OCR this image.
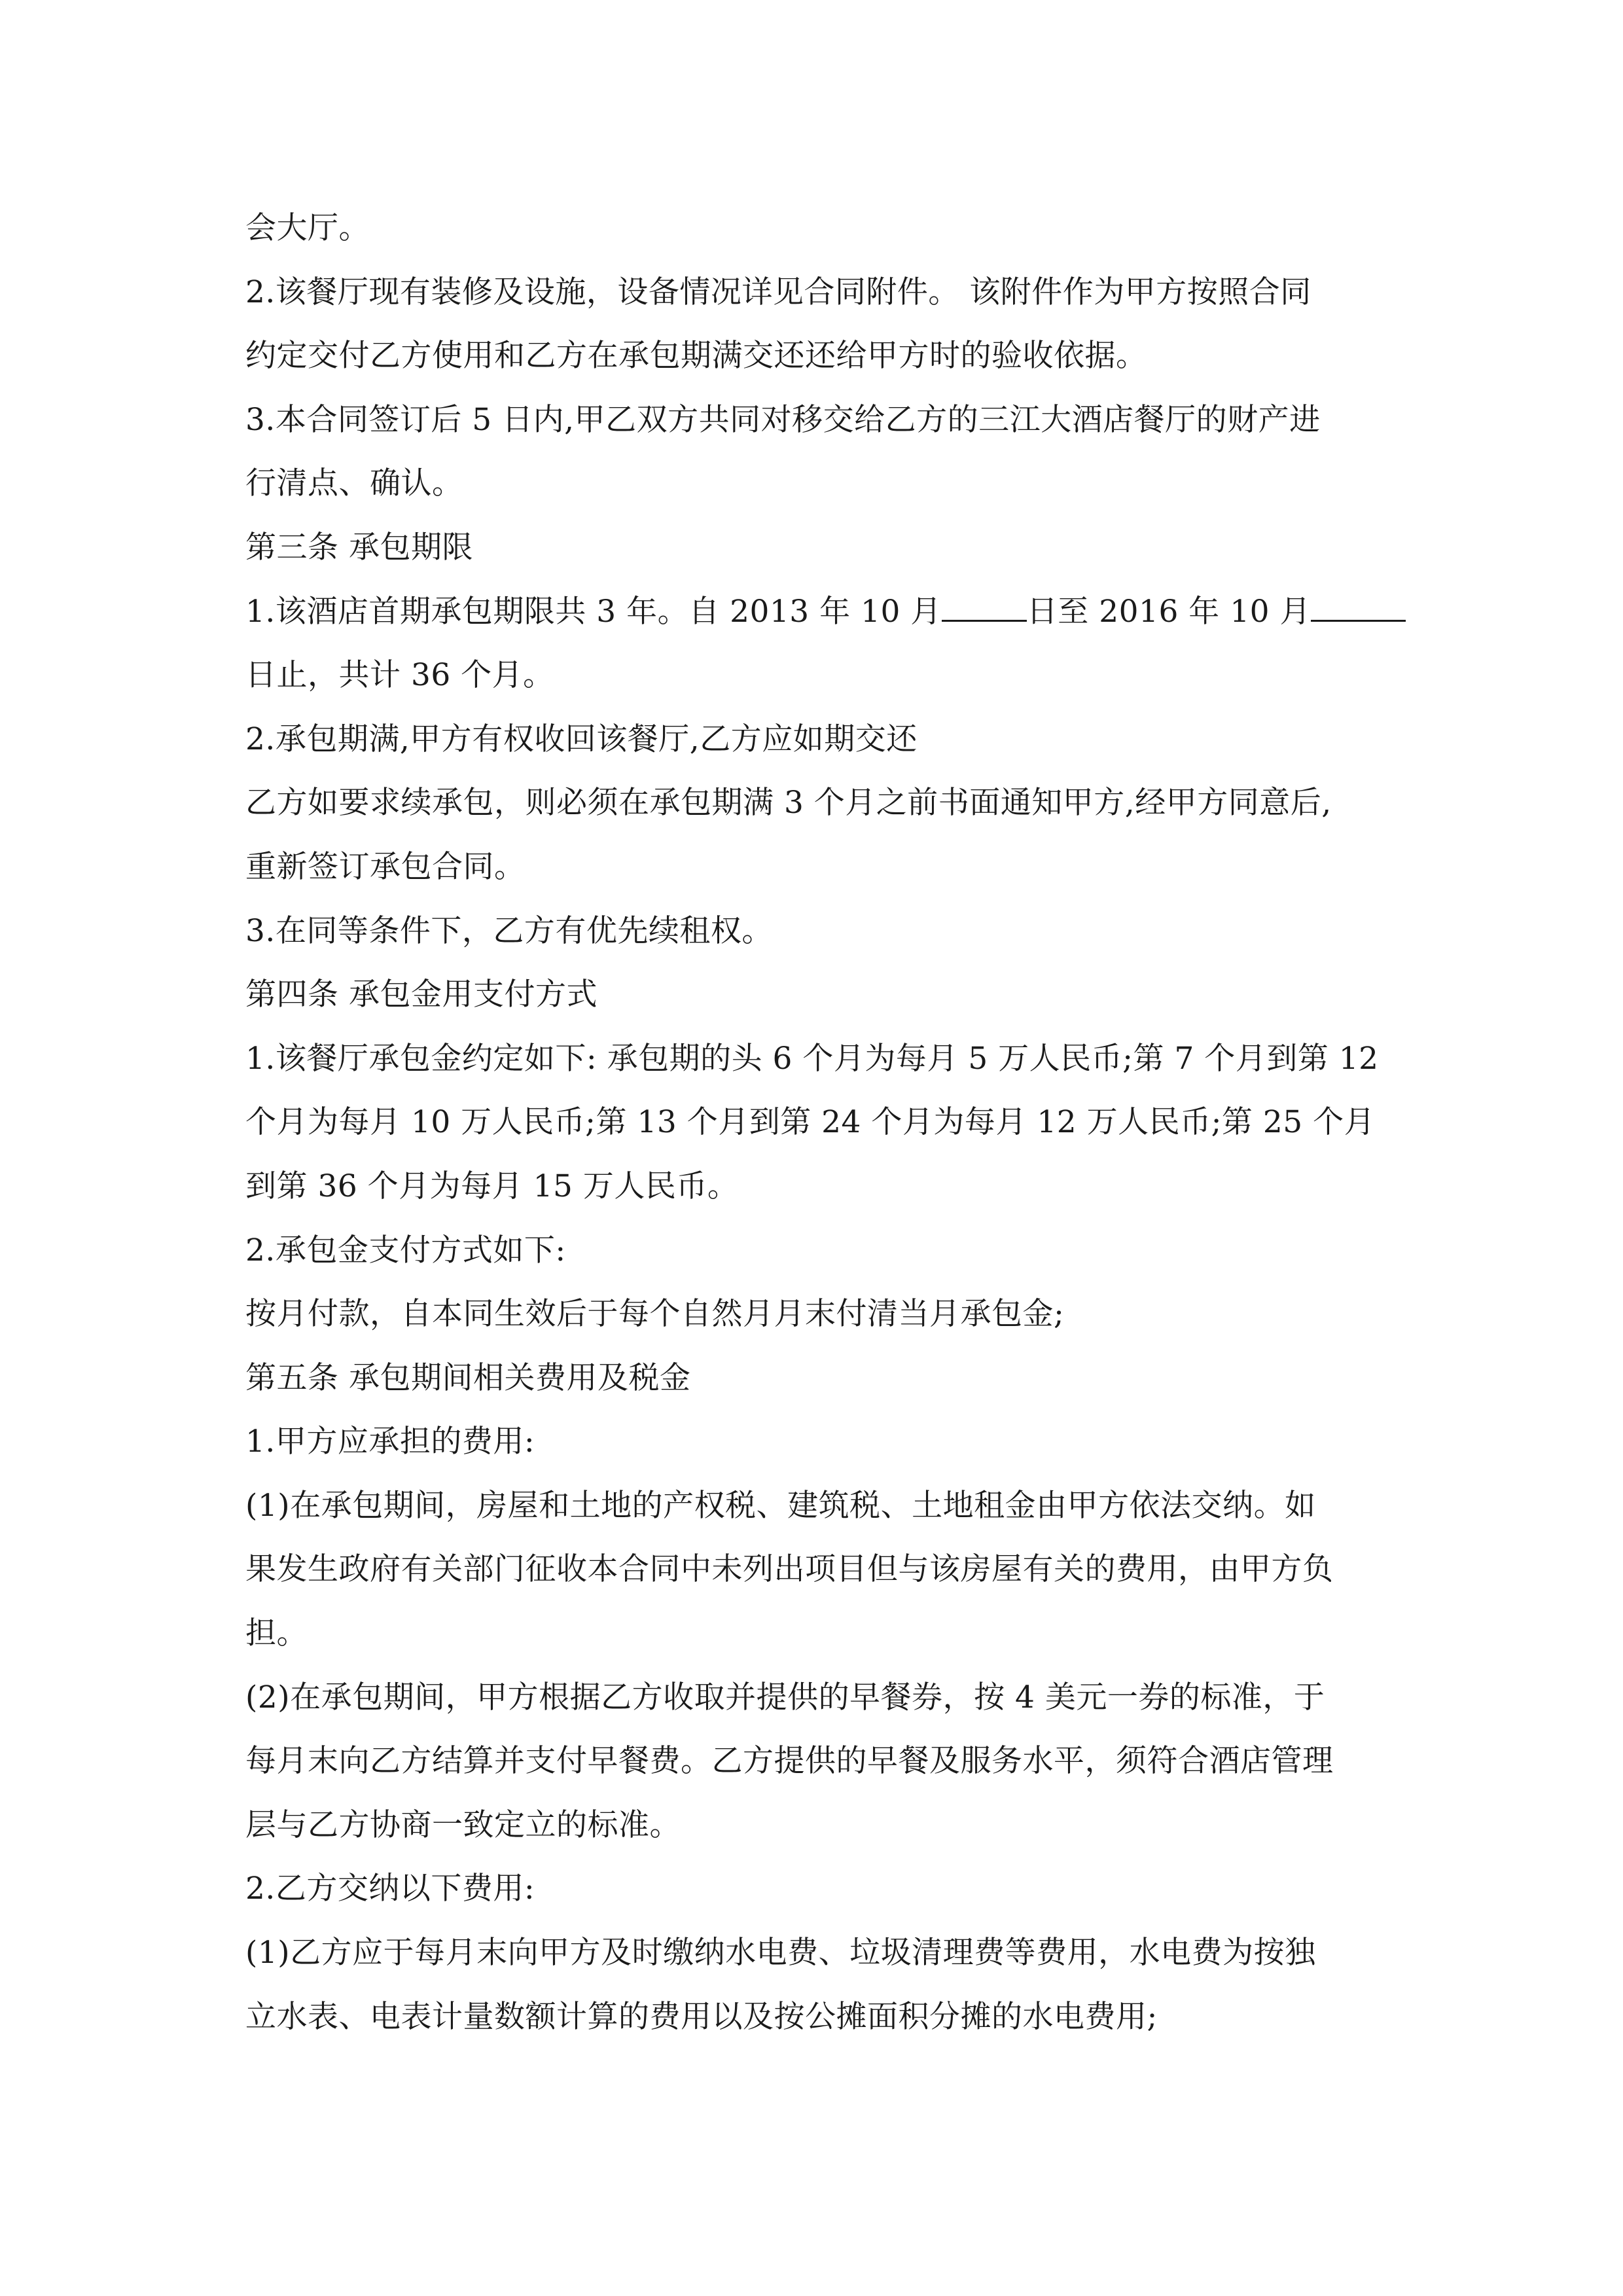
会大厅。
2.该餐厅现有装修及设施，设备情况详见合同附件。 该附件作为甲方按照合同
约定交付乙方使用和乙方在承包期满交还还给甲方时的验收依据。
3.本合同签订后 5 日内,甲乙双方共同对移交给乙方的三江大酒店餐厅的财产进
行清点、确认。
第三条 承包期限
1.该酒店首期承包期限共 3 年。自 2013 年 10 月	日至 2016 年 10 月
日止，共计 36 个月。
2.承包期满,甲方有权收回该餐厅,乙方应如期交还
乙方如要求续承包，则必须在承包期满 3 个月之前书面通知甲方,经甲方同意后,
重新签订承包合同。
3.在同等条件下，乙方有优先续租权。
第四条 承包金用支付方式
1.该餐厅承包金约定如下: 承包期的头 6 个月为每月 5 万人民币;第 7 个月到第 12
个月为每月 10 万人民币;第 13 个月到第 24 个月为每月 12 万人民币;第 25 个月
到第 36 个月为每月 15 万人民币。
2.承包金支付方式如下:
按月付款，自本同生效后于每个自然月月末付清当月承包金;
第五条 承包期间相关费用及税金
1.甲方应承担的费用:
(1)在承包期间，房屋和土地的产权税、建筑税、土地租金由甲方依法交纳。如
果发生政府有关部门征收本合同中未列出项目但与该房屋有关的费用，由甲方负
担。
(2)在承包期间，甲方根据乙方收取并提供的早餐券，按 4 美元一券的标准，于
每月末向乙方结算并支付早餐费。乙方提供的早餐及服务水平，须符合酒店管理
层与乙方协商一致定立的标准。
2.乙方交纳以下费用:
(1)乙方应于每月末向甲方及时缴纳水电费、垃圾清理费等费用，水电费为按独
立水表、电表计量数额计算的费用以及按公摊面积分摊的水电费用;
